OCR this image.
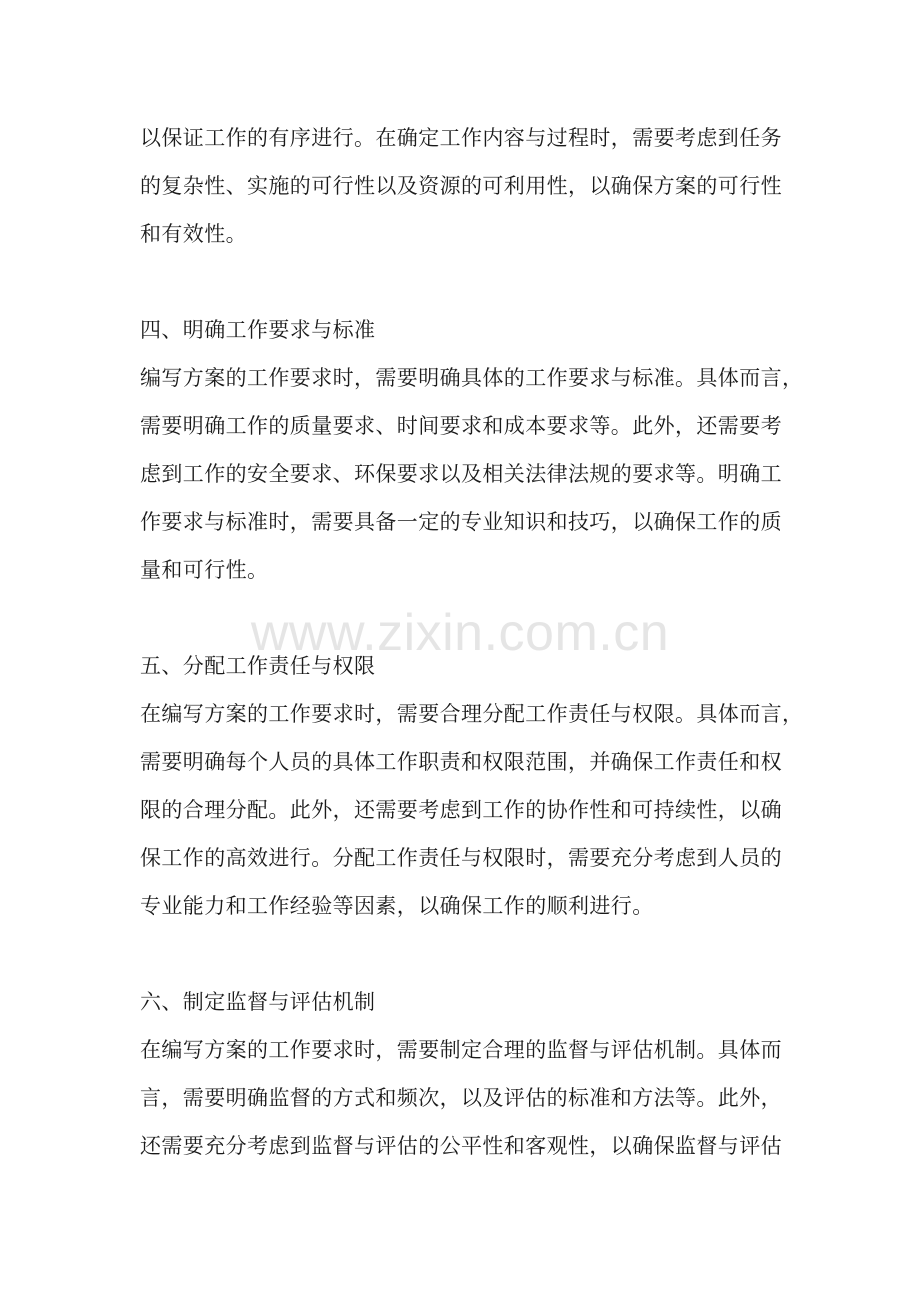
www.zixin.com.cn
以保证工作的有序进行。在确定工作内容与过程时，需要考虑到任务
的复杂性、实施的可行性以及资源的可利用性，以确保方案的可行性
和有效性。
四、明确工作要求与标准
编写方案的工作要求时，需要明确具体的工作要求与标准。具体而言，
需要明确工作的质量要求、时间要求和成本要求等。此外，还需要考
虑到工作的安全要求、环保要求以及相关法律法规的要求等。明确工
作要求与标准时，需要具备一定的专业知识和技巧，以确保工作的质
量和可行性。
五、分配工作责任与权限
在编写方案的工作要求时，需要合理分配工作责任与权限。具体而言，
需要明确每个人员的具体工作职责和权限范围，并确保工作责任和权
限的合理分配。此外，还需要考虑到工作的协作性和可持续性，以确
保工作的高效进行。分配工作责任与权限时，需要充分考虑到人员的
专业能力和工作经验等因素，以确保工作的顺利进行。
六、制定监督与评估机制
在编写方案的工作要求时，需要制定合理的监督与评估机制。具体而
言，需要明确监督的方式和频次，以及评估的标准和方法等。此外，
还需要充分考虑到监督与评估的公平性和客观性，以确保监督与评估
